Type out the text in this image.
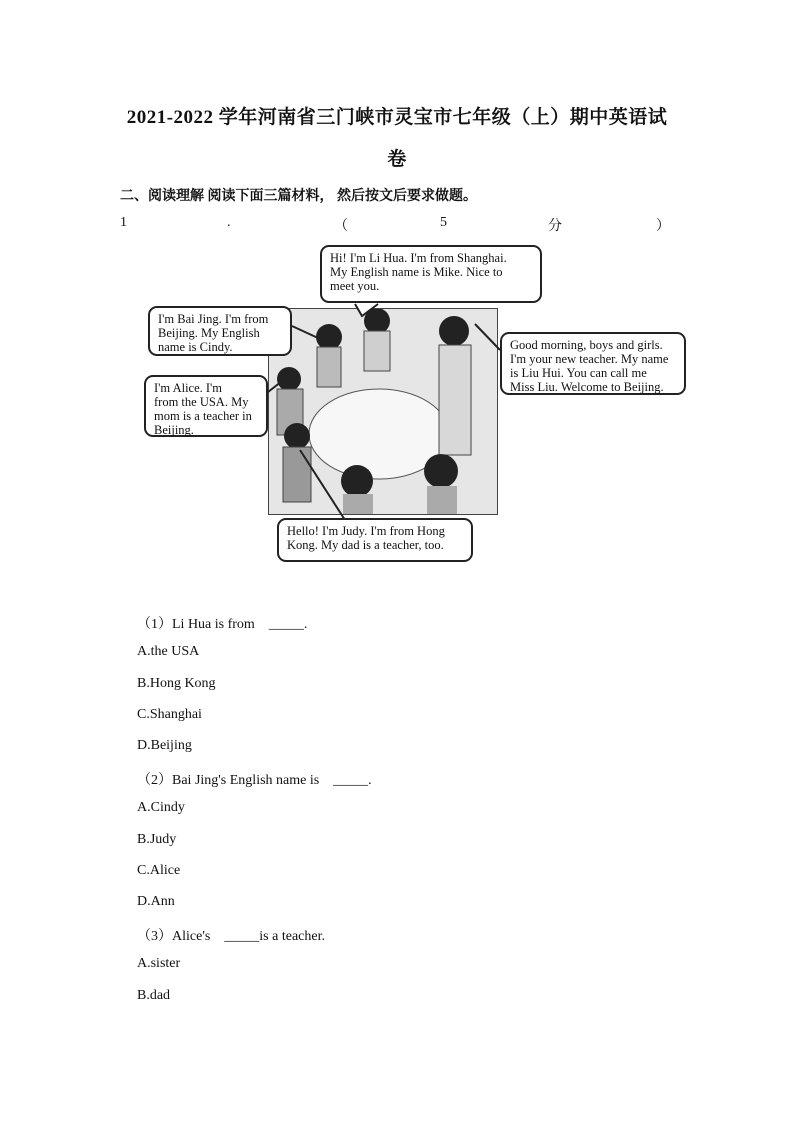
2021-2022 学年河南省三门峡市灵宝市七年级（上）期中英语试
卷
二、阅读理解 阅读下面三篇材料， 然后按文后要求做题。
1	.	（	5	分	）
Hi! I'm Li Hua. I'm from Shanghai.
My English name is Mike. Nice to
meet you.
I'm Bai Jing. I'm from
Beijing. My English
name is Cindy.
I'm Alice. I'm
from the USA. My
mom is a teacher in
Beijing.
Good morning, boys and girls.
I'm your new teacher. My name
is Liu Hui. You can call me
Miss Liu. Welcome to Beijing.
Hello! I'm Judy. I'm from Hong
Kong. My dad is a teacher, too.
（1）Li Hua is from    _____.
A.the USA
B.Hong Kong
C.Shanghai
D.Beijing
（2）Bai Jing's English name is    _____.
A.Cindy
B.Judy
C.Alice
D.Ann
（3）Alice's    _____is a teacher.
A.sister
B.dad
